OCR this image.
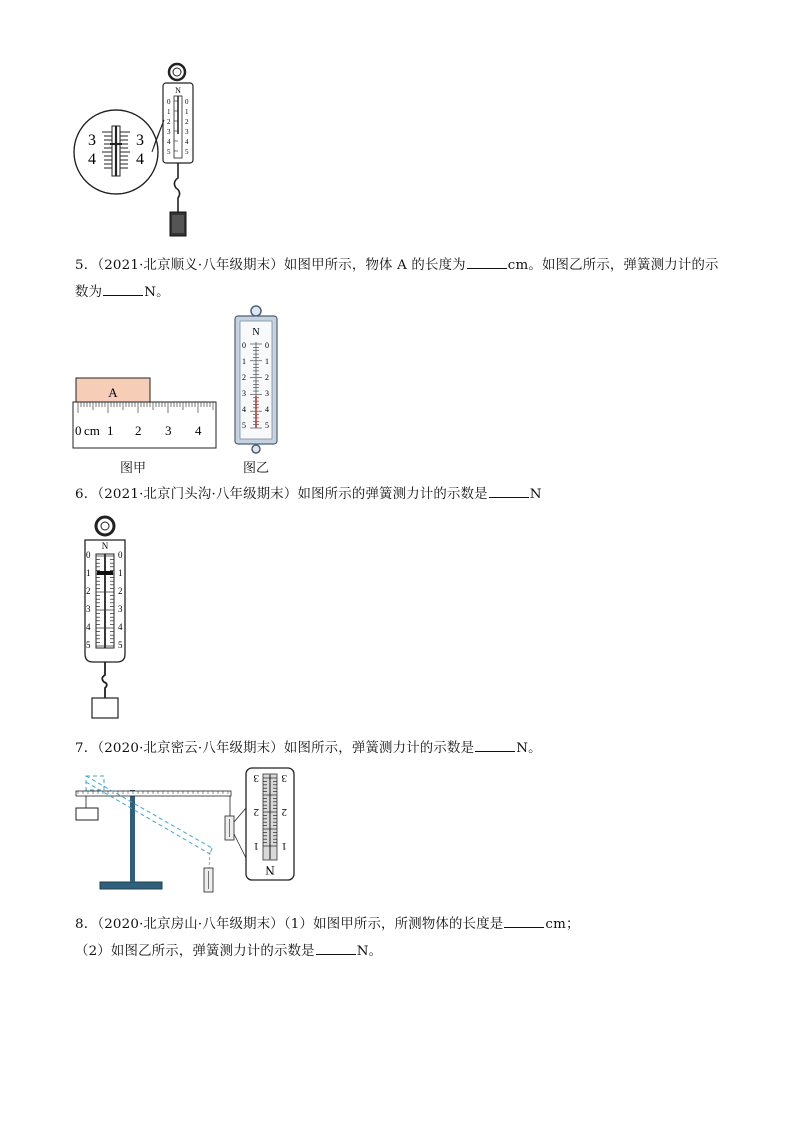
N
0
1
2
3
4
5
0
1
2
3
4
5
3
4
3
4
5．（2021·北京顺义·八年级期末）如图甲所示，物体 A 的长度为	cm。如图乙所示，弹簧测力计的示
数为	N。
A
0 cm 1 2 3 4
N
0
1
2
3
4
5
0
1
2
3
4
5
图甲	图乙
6．（2021·北京门头沟·八年级期末）如图所示的弹簧测力计的示数是	N
N
0
1
2
3
4
5
0
1
2
3
4
5
7．（2020·北京密云·八年级期末）如图所示，弹簧测力计的示数是	N。
3
2
1
3
2
1
N
8．（2020·北京房山·八年级期末）（1）如图甲所示，所测物体的长度是	cm；
（2）如图乙所示，弹簧测力计的示数是	N。
